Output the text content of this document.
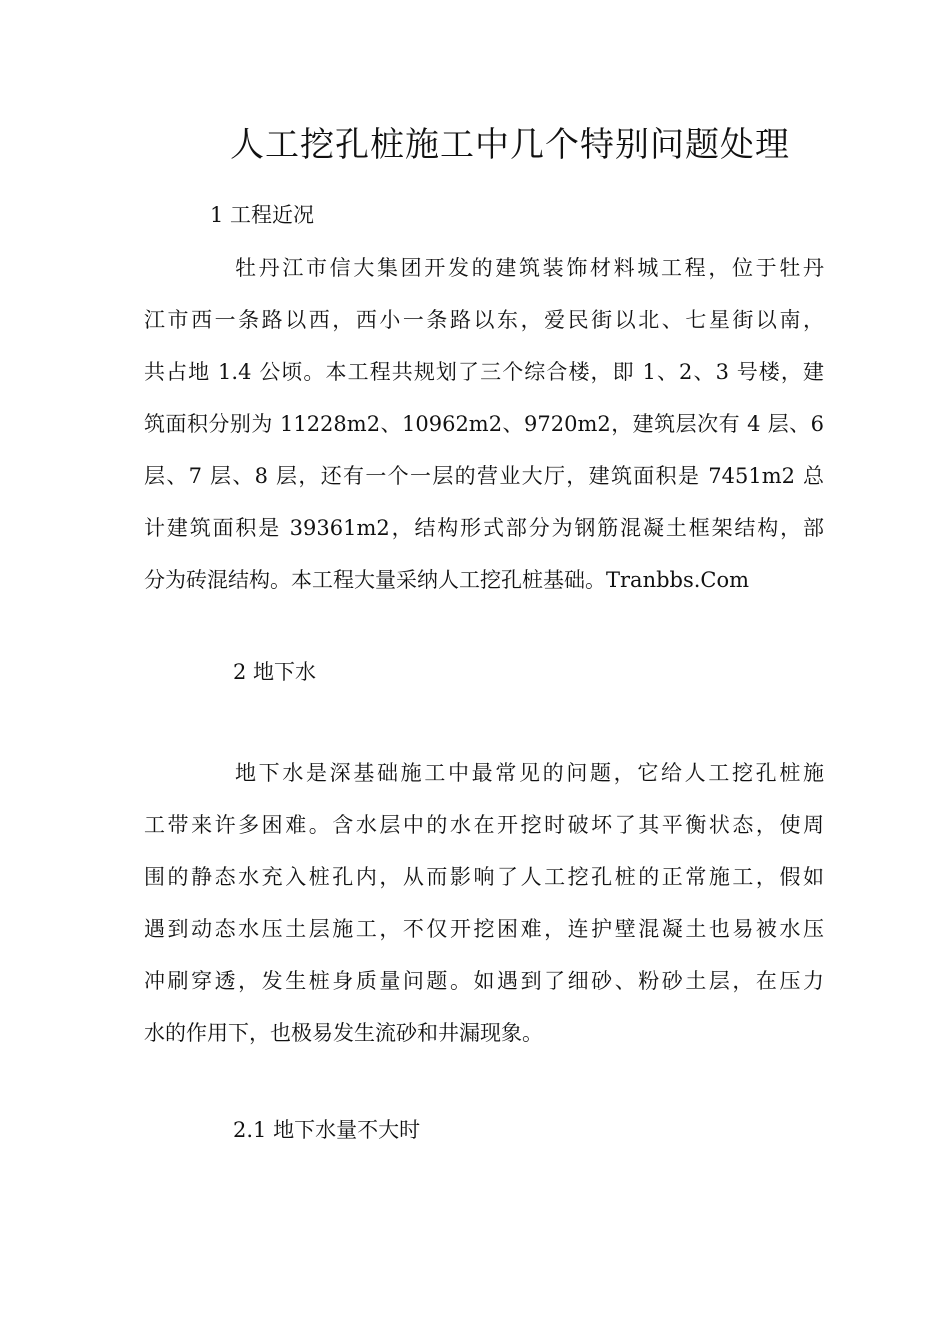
人工挖孔桩施工中几个特别问题处理
1 工程近况
牡丹江市信大集团开发的建筑装饰材料城工程，位于牡丹
江市西一条路以西，西小一条路以东，爱民街以北、七星街以南，
共占地 1.4 公顷。本工程共规划了三个综合楼，即 1、2、3 号楼，建
筑面积分别为 11228m2、10962m2、9720m2，建筑层次有 4 层、6
层、7 层、8 层，还有一个一层的营业大厅，建筑面积是 7451m2 总
计建筑面积是 39361m2，结构形式部分为钢筋混凝土框架结构，部
分为砖混结构。本工程大量采纳人工挖孔桩基础。Tranbbs.Com
2 地下水
地下水是深基础施工中最常见的问题，它给人工挖孔桩施
工带来许多困难。含水层中的水在开挖时破坏了其平衡状态，使周
围的静态水充入桩孔内，从而影响了人工挖孔桩的正常施工，假如
遇到动态水压土层施工，不仅开挖困难，连护壁混凝土也易被水压
冲刷穿透，发生桩身质量问题。如遇到了细砂、粉砂土层，在压力
水的作用下，也极易发生流砂和井漏现象。
2.1 地下水量不大时
